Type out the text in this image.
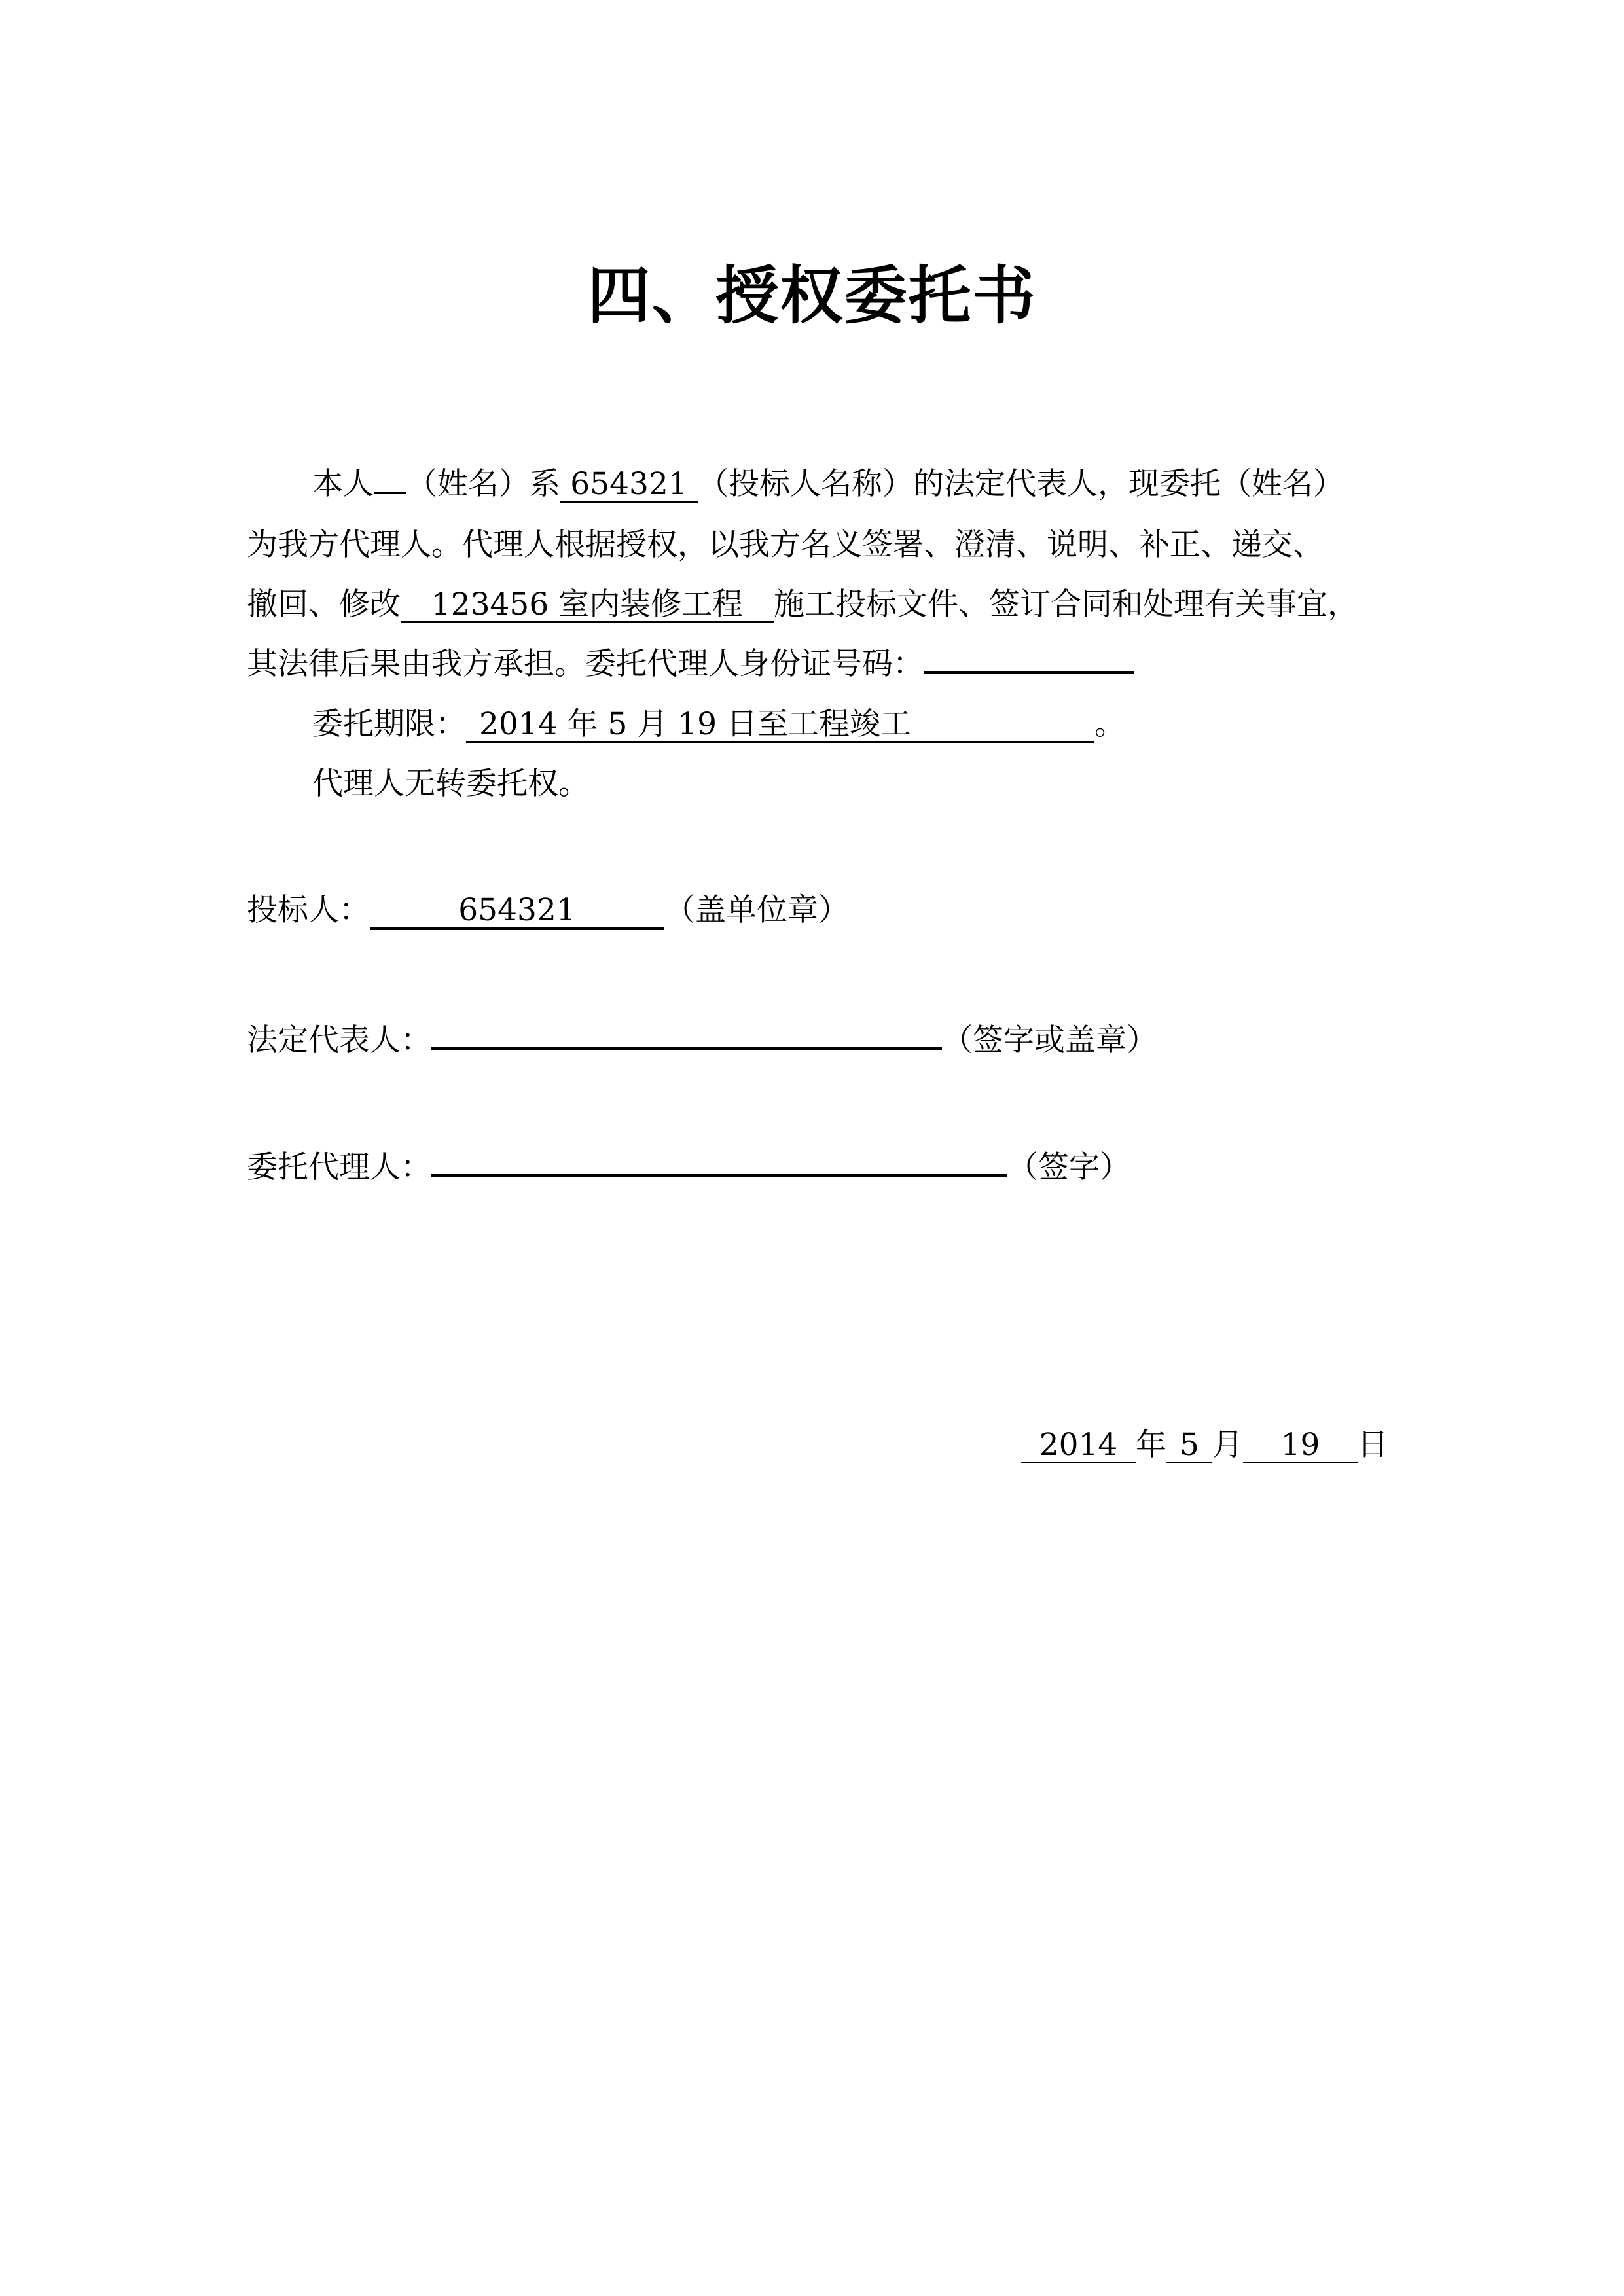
四、授权委托书
本人 （姓名）系 654321 （投标人名称）的法定代表人，现委托（姓名）
为我方代理人。代理人根据授权，以我方名义签署、澄清、说明、补正、递交、
撤回、修改 123456 室内装修工程 施工投标文件、签订合同和处理有关事宜，
其法律后果由我方承担。委托代理人身份证号码：
委托期限： 2014 年 5 月 19 日至工程竣工	。
代理人无转委托权。
投标人：	654321	（盖单位章）
法定代表人：	（签字或盖章）
委托代理人：	（签字）
2014 年 5 月 19 日
